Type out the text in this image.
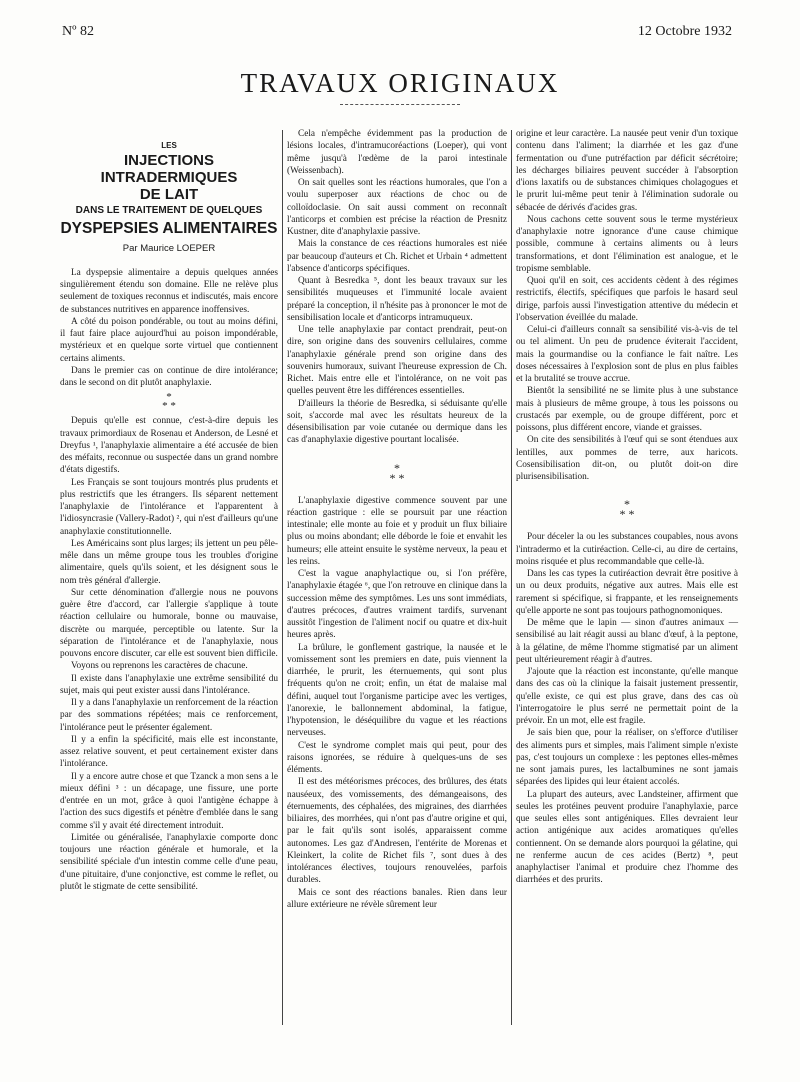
Nº 82	12 Octobre 1932
TRAVAUX ORIGINAUX
LES
INJECTIONS INTRADERMIQUES
DE LAIT
DANS LE TRAITEMENT DE QUELQUES
DYSPEPSIES ALIMENTAIRES
Par Maurice LOEPER

La dyspepsie alimentaire a depuis quelques années singulièrement étendu son domaine. Elle ne relève plus seulement de toxiques reconnus et indiscutés, mais encore de substances nutritives en apparence inoffensives.

A côté du poison pondérable, ou tout au moins défini, il faut faire place aujourd'hui au poison impondérable, mystérieux et en quelque sorte virtuel que contiennent certains aliments.

Dans le premier cas on continue de dire intolérance; dans le second on dit plutôt anaphylaxie.

*
* *

Depuis qu'elle est connue, c'est-à-dire depuis les travaux primordiaux de Rosenau et Anderson, de Lesné et Dreyfus ¹, l'anaphylaxie alimentaire a été accusée de bien des méfaits, reconnue ou suspectée dans un grand nombre d'états digestifs.

Les Français se sont toujours montrés plus prudents et plus restrictifs que les étrangers. Ils séparent nettement l'anaphylaxie de l'intolérance et l'apparentent à l'idiosyncrasie (Vallery-Radot) ², qui n'est d'ailleurs qu'une anaphylaxie constitutionnelle.

Les Américains sont plus larges; ils jettent un peu pêle-mêle dans un même groupe tous les troubles d'origine alimentaire, quels qu'ils soient, et les désignent sous le nom très général d'allergie.

Sur cette dénomination d'allergie nous ne pouvons guère être d'accord, car l'allergie s'applique à toute réaction cellulaire ou humorale, bonne ou mauvaise, discrète ou marquée, perceptible ou latente. Sur la séparation de l'intolérance et de l'anaphylaxie, nous pouvons encore discuter, car elle est souvent bien difficile.

Voyons ou reprenons les caractères de chacune.

Il existe dans l'anaphylaxie une extrême sensibilité du sujet, mais qui peut exister aussi dans l'intolérance.

Il y a dans l'anaphylaxie un renforcement de la réaction par des sommations répétées; mais ce renforcement, l'intolérance peut le présenter également.

Il y a enfin la spécificité, mais elle est inconstante, assez relative souvent, et peut certainement exister dans l'intolérance.

Il y a encore autre chose et que Tzanck a mon sens a le mieux défini ³ : un décapage, une fissure, une porte d'entrée en un mot, grâce à quoi l'antigène échappe à l'action des sucs digestifs et pénètre d'emblée dans le sang comme s'il y avait été directement introduit.

Limitée ou généralisée, l'anaphylaxie comporte donc toujours une réaction générale et humorale, et la sensibilité spéciale d'un intestin comme celle d'une peau, d'une pituitaire, d'une conjonctive, est comme le reflet, ou plutôt le stigmate de cette sensibilité.

Cela n'empêche évidemment pas la production de lésions locales, d'intramucoréactions (Loeper), qui vont même jusqu'à l'œdème de la paroi intestinale (Weissenbach).

On sait quelles sont les réactions humorales, que l'on a voulu superposer aux réactions de choc ou de colloïdoclasie. On sait aussi comment on reconnaît l'anticorps et combien est précise la réaction de Presnitz Kustner, dite d'anaphylaxie passive.

Mais la constance de ces réactions humorales est niée par beaucoup d'auteurs et Ch. Richet et Urbain ⁴ admettent l'absence d'anticorps spécifiques.

Quant à Besredka ⁵, dont les beaux travaux sur les sensibilités muqueuses et l'immunité locale avaient préparé la conception, il n'hésite pas à prononcer le mot de sensibilisation locale et d'anticorps intramuqueux.

Une telle anaphylaxie par contact prendrait, peut-on dire, son origine dans des souvenirs cellulaires, comme l'anaphylaxie générale prend son origine dans des souvenirs humoraux, suivant l'heureuse expression de Ch. Richet. Mais entre elle et l'intolérance, on ne voit pas quelles peuvent être les différences essentielles.

D'ailleurs la théorie de Besredka, si séduisante qu'elle soit, s'accorde mal avec les résultats heureux de la désensibilisation par voie cutanée ou dermique dans les cas d'anaphylaxie digestive pourtant localisée.

*
* *

L'anaphylaxie digestive commence souvent par une réaction gastrique : elle se poursuit par une réaction intestinale; elle monte au foie et y produit un flux biliaire plus ou moins abondant; elle déborde le foie et envahit les humeurs; elle atteint ensuite le système nerveux, la peau et les reins.

C'est la vague anaphylactique ou, si l'on préfère, l'anaphylaxie étagée ⁶, que l'on retrouve en clinique dans la succession même des symptômes. Les uns sont immédiats, d'autres précoces, d'autres vraiment tardifs, survenant aussitôt l'ingestion de l'aliment nocif ou quatre et dix-huit heures après.

La brûlure, le gonflement gastrique, la nausée et le vomissement sont les premiers en date, puis viennent la diarrhée, le prurit, les éternuements, qui sont plus fréquents qu'on ne croit; enfin, un état de malaise mal défini, auquel tout l'organisme participe avec les vertiges, l'anorexie, le ballonnement abdominal, la fatigue, l'hypotension, le déséquilibre du vague et les réactions nerveuses.

C'est le syndrome complet mais qui peut, pour des raisons ignorées, se réduire à quelques-uns de ses éléments.

Il est des météorismes précoces, des brûlures, des états nauséeux, des vomissements, des démangeaisons, des éternuements, des céphalées, des migraines, des diarrhées biliaires, des morrhées, qui n'ont pas d'autre origine et qui, par le fait qu'ils sont isolés, apparaissent comme autonomes. Les gaz d'Andresen, l'entérite de Morenas et Kleinkert, la colite de Richet fils ⁷, sont dues à des intolérances électives, toujours renouvelées, parfois durables.

Mais ce sont des réactions banales. Rien dans leur allure extérieure ne révèle sûrement leur

origine et leur caractère. La nausée peut venir d'un toxique contenu dans l'aliment; la diarrhée et les gaz d'une fermentation ou d'une putréfaction par déficit sécrétoire; les décharges biliaires peuvent succéder à l'absorption d'ions laxatifs ou de substances chimiques cholagogues et le prurit lui-même peut tenir à l'élimination sudorale ou sébacée de dérivés d'acides gras.

Nous cachons cette souvent sous le terme mystérieux d'anaphylaxie notre ignorance d'une cause chimique possible, commune à certains aliments ou à leurs transformations, et dont l'élimination est analogue, et le tropisme semblable.

Quoi qu'il en soit, ces accidents cèdent à des régimes restrictifs, électifs, spécifiques que parfois le hasard seul dirige, parfois aussi l'investigation attentive du médecin et l'observation éveillée du malade.

Celui-ci d'ailleurs connaît sa sensibilité vis-à-vis de tel ou tel aliment. Un peu de prudence éviterait l'accident, mais la gourmandise ou la confiance le fait naître. Les doses nécessaires à l'explosion sont de plus en plus faibles et la brutalité se trouve accrue.

Bientôt la sensibilité ne se limite plus à une substance mais à plusieurs de même groupe, à tous les poissons ou crustacés par exemple, ou de groupe différent, porc et poissons, plus différent encore, viande et graisses.

On cite des sensibilités à l'œuf qui se sont étendues aux lentilles, aux pommes de terre, aux haricots. Cosensibilisation dit-on, ou plutôt doit-on dire plurisensibilisation.

*
* *

Pour déceler la ou les substances coupables, nous avons l'intradermo et la cutiréaction. Celle-ci, au dire de certains, moins risquée et plus recommandable que celle-là.

Dans les cas types la cutiréaction devrait être positive à un ou deux produits, négative aux autres. Mais elle est rarement si spécifique, si frappante, et les renseignements qu'elle apporte ne sont pas toujours pathognomoniques.

De même que le lapin — sinon d'autres animaux — sensibilisé au lait réagit aussi au blanc d'œuf, à la peptone, à la gélatine, de même l'homme stigmatisé par un aliment peut ultérieurement réagir à d'autres.

J'ajoute que la réaction est inconstante, qu'elle manque dans des cas où la clinique la faisait justement pressentir, qu'elle existe, ce qui est plus grave, dans des cas où l'interrogatoire le plus serré ne permettait point de la prévoir. En un mot, elle est fragile.

Je sais bien que, pour la réaliser, on s'efforce d'utiliser des aliments purs et simples, mais l'aliment simple n'existe pas, c'est toujours un complexe : les peptones elles-mêmes ne sont jamais pures, les lactalbumines ne sont jamais séparées des lipides qui leur étaient accolés.

La plupart des auteurs, avec Landsteiner, affirment que seules les protéines peuvent produire l'anaphylaxie, parce que seules elles sont antigéniques. Elles devraient leur action antigénique aux acides aromatiques qu'elles contiennent. On se demande alors pourquoi la gélatine, qui ne renferme aucun de ces acides (Bertz) ⁸, peut anaphylactiser l'animal et produire chez l'homme des diarrhées et des prurits.
